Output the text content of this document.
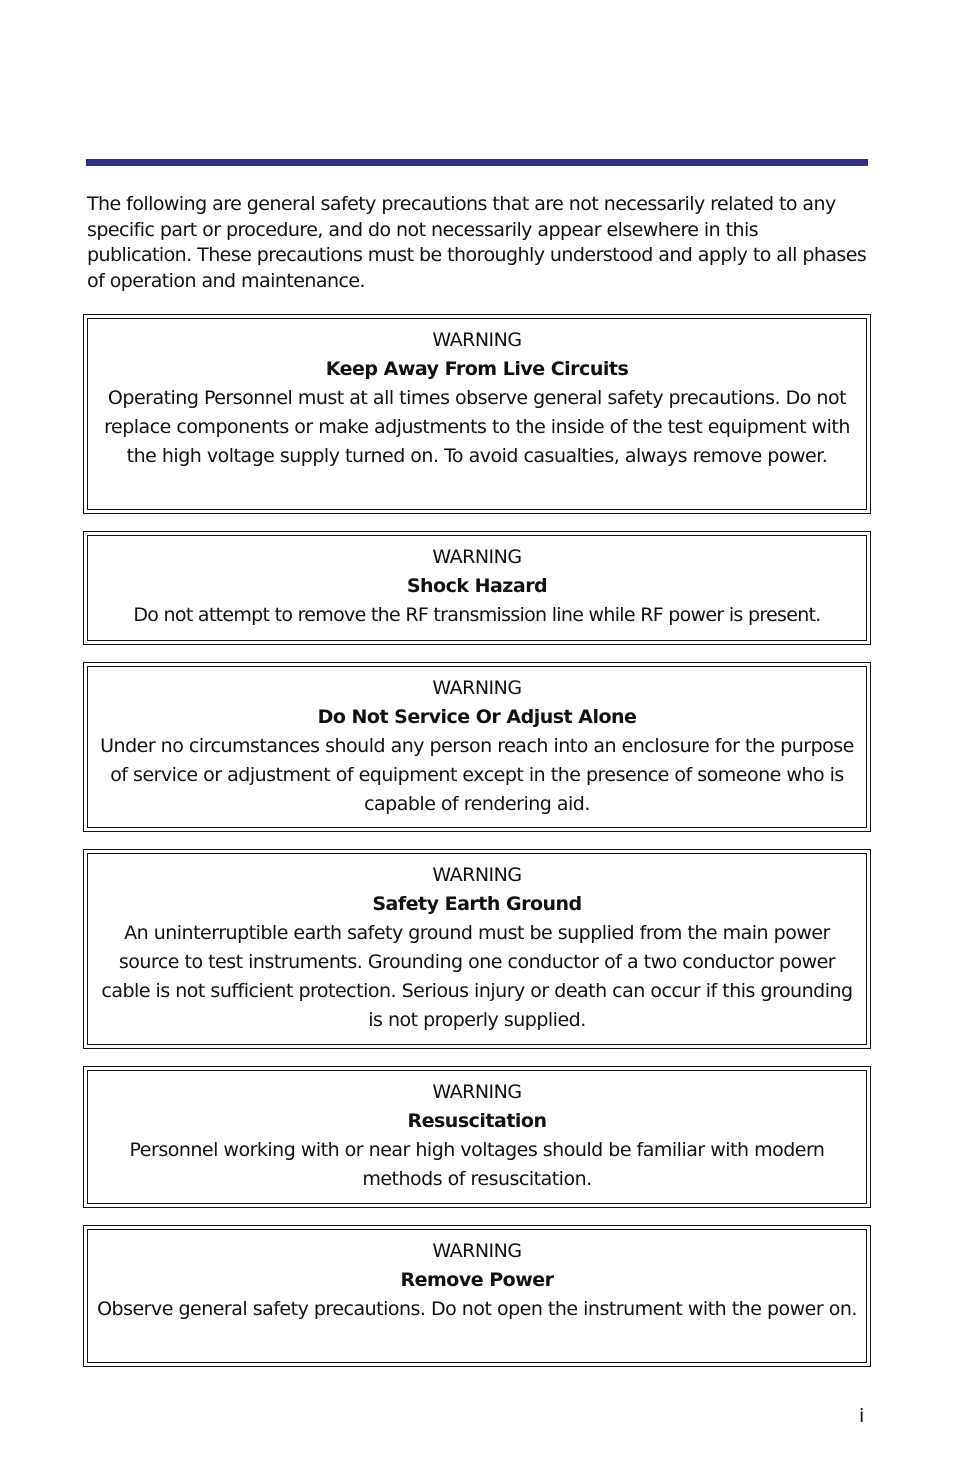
The following are general safety precautions that are not necessarily related to any specific part or procedure, and do not necessarily appear elsewhere in this publication. These precautions must be thoroughly understood and apply to all phases of operation and maintenance.

WARNING
Keep Away From Live Circuits
Operating Personnel must at all times observe general safety precautions. Do not replace components or make adjustments to the inside of the test equipment with the high voltage supply turned on. To avoid casualties, always remove power.
WARNING
Shock Hazard
Do not attempt to remove the RF transmission line while RF power is present.
WARNING
Do Not Service Or Adjust Alone
Under no circumstances should any person reach into an enclosure for the purpose of service or adjustment of equipment except in the presence of someone who is capable of rendering aid.
WARNING
Safety Earth Ground
An uninterruptible earth safety ground must be supplied from the main power source to test instruments. Grounding one conductor of a two conductor power cable is not sufficient protection. Serious injury or death can occur if this grounding is not properly supplied.
WARNING
Resuscitation
Personnel working with or near high voltages should be familiar with modern methods of resuscitation.
WARNING
Remove Power
Observe general safety precautions. Do not open the instrument with the power on.
i
